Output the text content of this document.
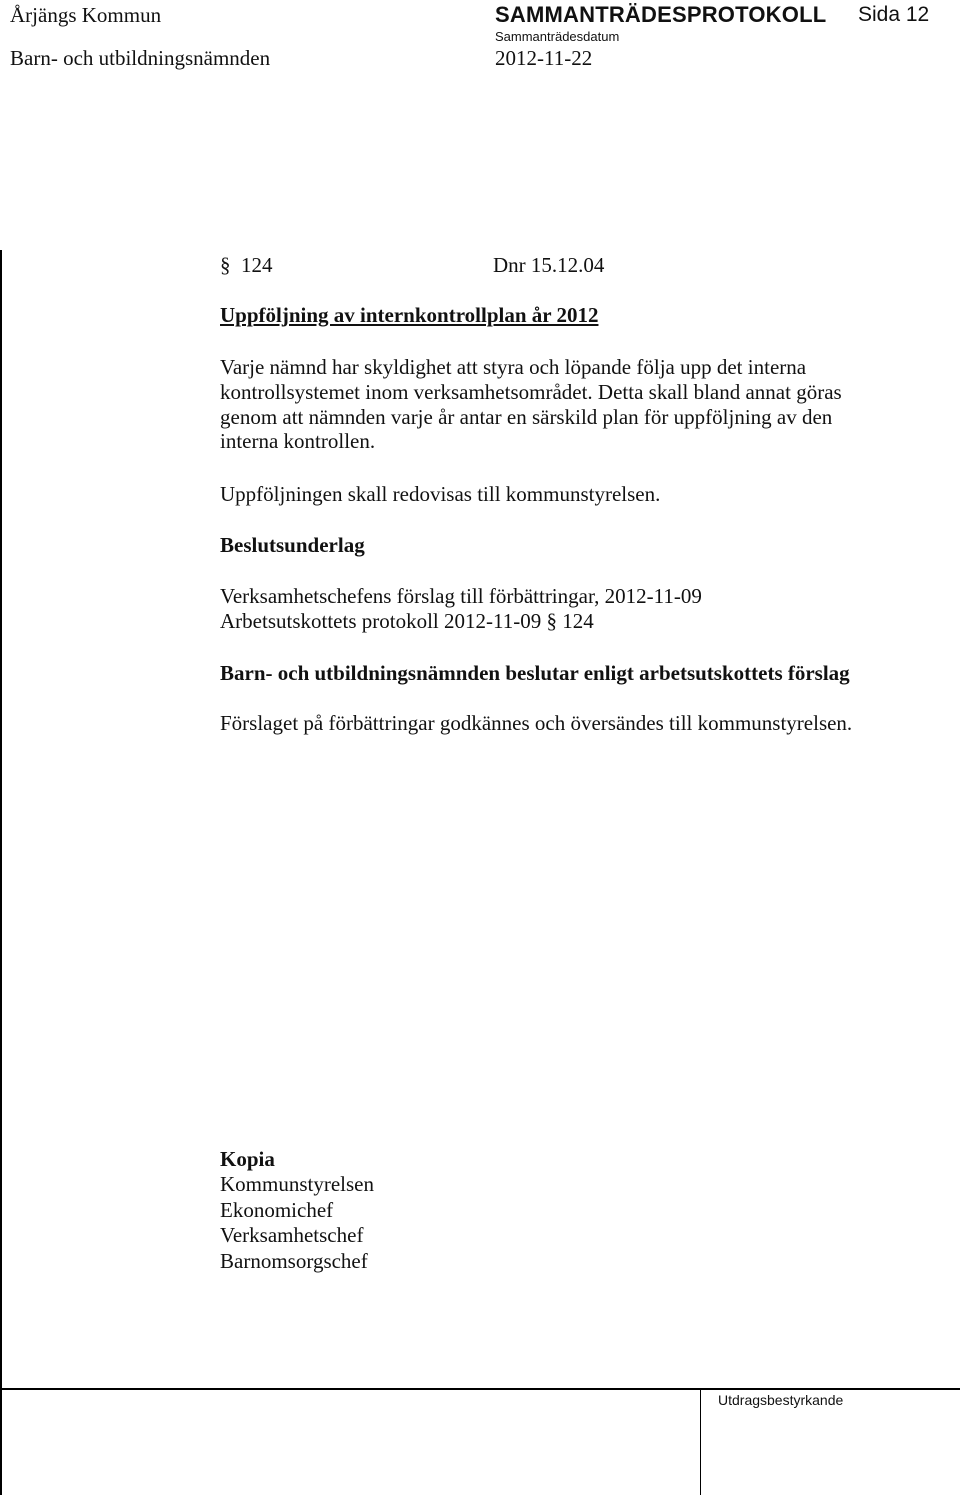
Årjängs Kommun	SAMMANTRÄDESPROTOKOLL Sida 12
Barn- och utbildningsnämnden
Sammanträdesdatum
2012-11-22
§ 124	Dnr 15.12.04
Uppföljning av internkontrollplan år 2012
Varje nämnd har skyldighet att styra och löpande följa upp det interna
kontrollsystemet inom verksamhetsområdet. Detta skall bland annat göras
genom att nämnden varje år antar en särskild plan för uppföljning av den
interna kontrollen.
Uppföljningen skall redovisas till kommunstyrelsen.
Beslutsunderlag
Verksamhetschefens förslag till förbättringar, 2012-11-09
Arbetsutskottets protokoll 2012-11-09 § 124
Barn- och utbildningsnämnden beslutar enligt arbetsutskottets förslag
Förslaget på förbättringar godkännes och översändes till kommunstyrelsen.
Kopia
Kommunstyrelsen
Ekonomichef
Verksamhetschef
Barnomsorgschef
Utdragsbestyrkande
